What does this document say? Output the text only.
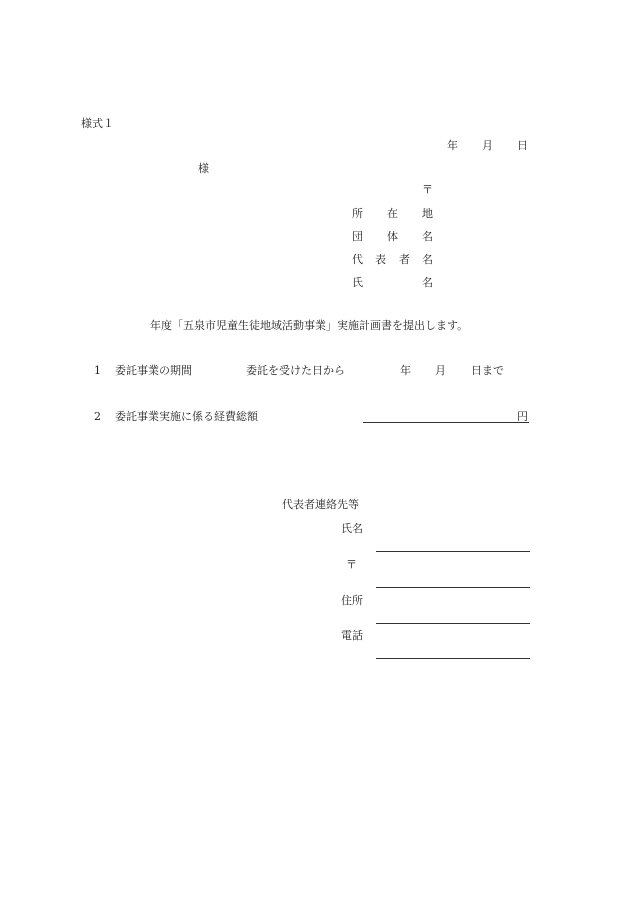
様式１
年 月 日
様
〒
所 在 地
団 体 名
代 表 者 名
氏	名
年度「五泉市児童生徒地域活動事業」実施計画書を提出します。
1 委託事業の期間	委託を受けた日から	年 月 日まで
2 委託事業実施に係る経費総額	円
代表者連絡先等
氏名
〒
住所
電話
